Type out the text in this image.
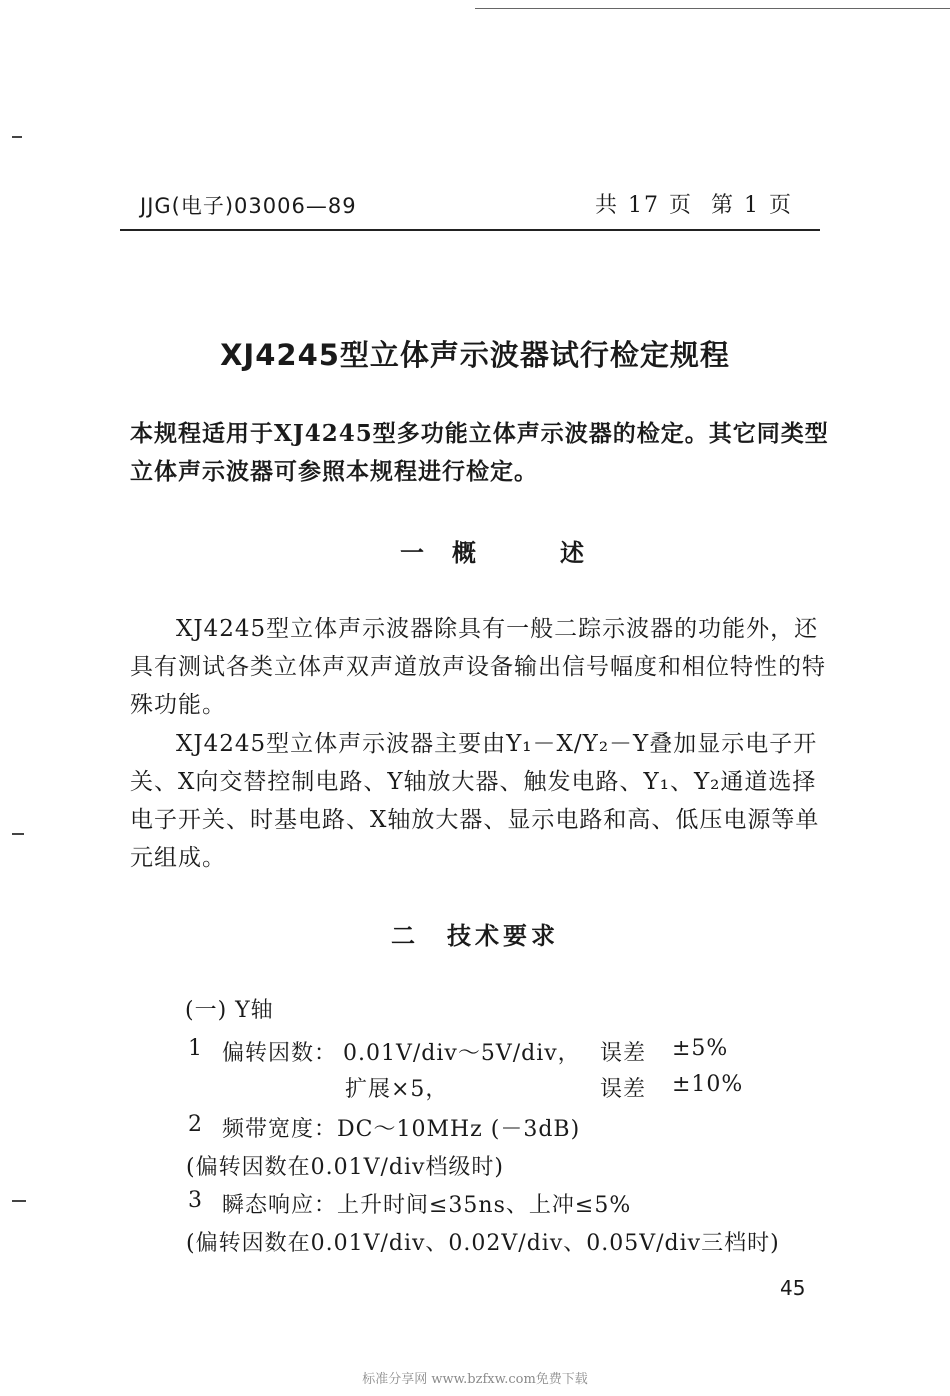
JJG(电子)03006—89	共 17 页 第 1 页
XJ4245型立体声示波器试行检定规程
本规程适用于XJ4245型多功能立体声示波器的检定。其它同类型立体声示波器可参照本规程进行检定。
一 概　述
XJ4245型立体声示波器除具有一般二踪示波器的功能外，还具有测试各类立体声双声道放声设备输出信号幅度和相位特性的特殊功能。
XJ4245型立体声示波器主要由Y₁－X/Y₂－Y叠加显示电子开关、X向交替控制电路、Y轴放大器、触发电路、Y₁、Y₂通道选择电子开关、时基电路、X轴放大器、显示电路和高、低压电源等单元组成。
二　 技术要求
(一) Y轴
1 偏转因数： 0.01V/div～5V/div， 误差 ±5%
扩展×5，	误差 ±10%
2 频带宽度：DC～10MHz (－3dB)
(偏转因数在0.01V/div档级时)
3 瞬态响应：上升时间≤35ns、上冲≤5%
(偏转因数在0.01V/div、0.02V/div、0.05V/div三档时)
45
标准分享网 www.bzfxw.com免费下载
